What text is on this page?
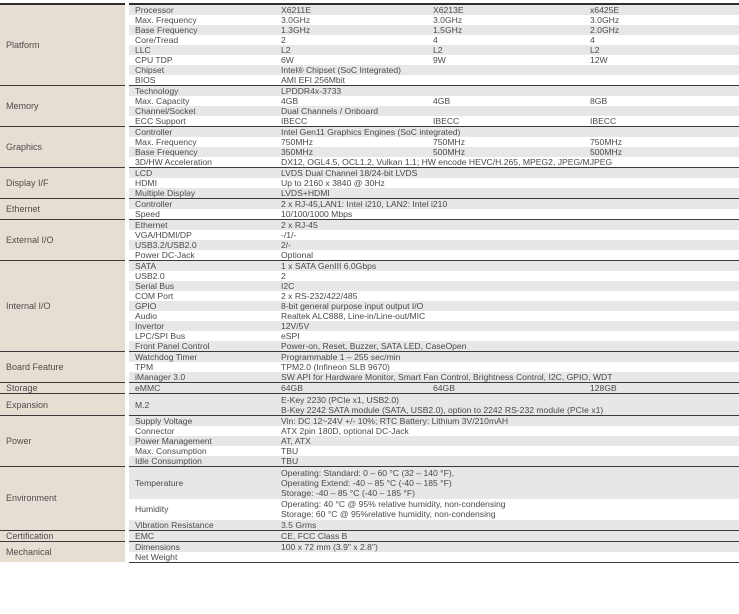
Platform	Processor	X6211E	X6213E	x6425E
	Max. Frequency	3.0GHz	3.0GHz	3.0GHz
	Base Frequency	1.3GHz	1.5GHz	2.0GHz
	Core/Tread	2	4	4
	LLC	L2	L2	L2
	CPU TDP	6W	9W	12W
	Chipset	Intel® Chipset (SoC Integrated)		
	BIOS	AMI EFI 256Mbit		
Memory	Technology	LPDDR4x-3733		
	Max. Capacity	4GB	4GB	8GB
	Channel/Socket	Dual Channels / Onboard		
	ECC Support	IBECC	IBECC	IBECC
Graphics	Controller	Intel Gen11 Graphics Engines (SoC integrated)		
	Max. Frequency	750MHz	750MHz	750MHz
	Base Frequency	350MHz	500MHz	500MHz
	3D/HW Acceleration	DX12, OGL4.5, OCL1.2, Vulkan 1.1; HW encode HEVC/H.265, MPEG2, JPEG/MJPEG		
Display I/F	LCD	LVDS Dual Channel 18/24-bit LVDS		
	HDMI	Up to 2160 x 3840 @ 30Hz		
	Multiple Display	LVDS+HDMI		
Ethernet	Controller	2 x RJ-45,LAN1: Intel i210, LAN2: Intel i210		
	Speed	10/100/1000 Mbps		
External I/O	Ethernet	2 x RJ-45		
	VGA/HDMI/DP	-/1/-		
	USB3.2/USB2.0	2/-		
	Power DC-Jack	Optional		
Internal I/O	SATA	1 x SATA GenIII 6.0Gbps		
	USB2.0	2		
	Serial Bus	I2C		
	COM Port	2 x RS-232/422/485		
	GPIO	8-bit general purpose input output I/O		
	Audio	Realtek ALC888, Line-in/Line-out/MIC		
	Invertor	12V/5V		
	LPC/SPI Bus	eSPI		
	Front Panel Control	Power-on, Reset, Buzzer, SATA LED, CaseOpen		
Board Feature	Watchdog Timer	Programmable 1 – 255 sec/min		
	TPM	TPM2.0 (Infineon SLB 9670)		
	iManager 3.0	SW API for Hardware Monitor, Smart Fan Control, Brightness Control, I2C, GPIO, WDT		
Storage	eMMC	64GB	64GB	128GB
Expansion	M.2	E-Key 2230 (PCIe x1, USB2.0)
B-Key 2242 SATA module (SATA, USB2.0), option to 2242 RS-232 module (PCIe x1)		

Power	Supply Voltage	Vin: DC 12~24V +/- 10%; RTC Battery: Lithium 3V/210mAH		
	Connector	ATX 2pin 180D, optional DC-Jack		
	Power Management	AT, ATX		
	Max. Consumption	TBU		
	Idle Consumption	TBU		
Environment	Temperature	Operating: Standard: 0 – 60 °C (32 – 140 °F),
Operating Extend: -40 – 85 °C (-40 – 185 °F)
Storage: -40 – 85 °C (-40 – 185 °F)		

	Humidity	Operating: 40 °C @ 95% relative humidity, non-condensing
Storage: 60 °C @ 95%relative humidity, non-condensing		

	Vibration Resistance	3.5 Grms		
Certification	EMC	CE, FCC Class B		
Mechanical	Dimensions	100 x 72 mm (3.9" x 2.8")		
	Net Weight			
